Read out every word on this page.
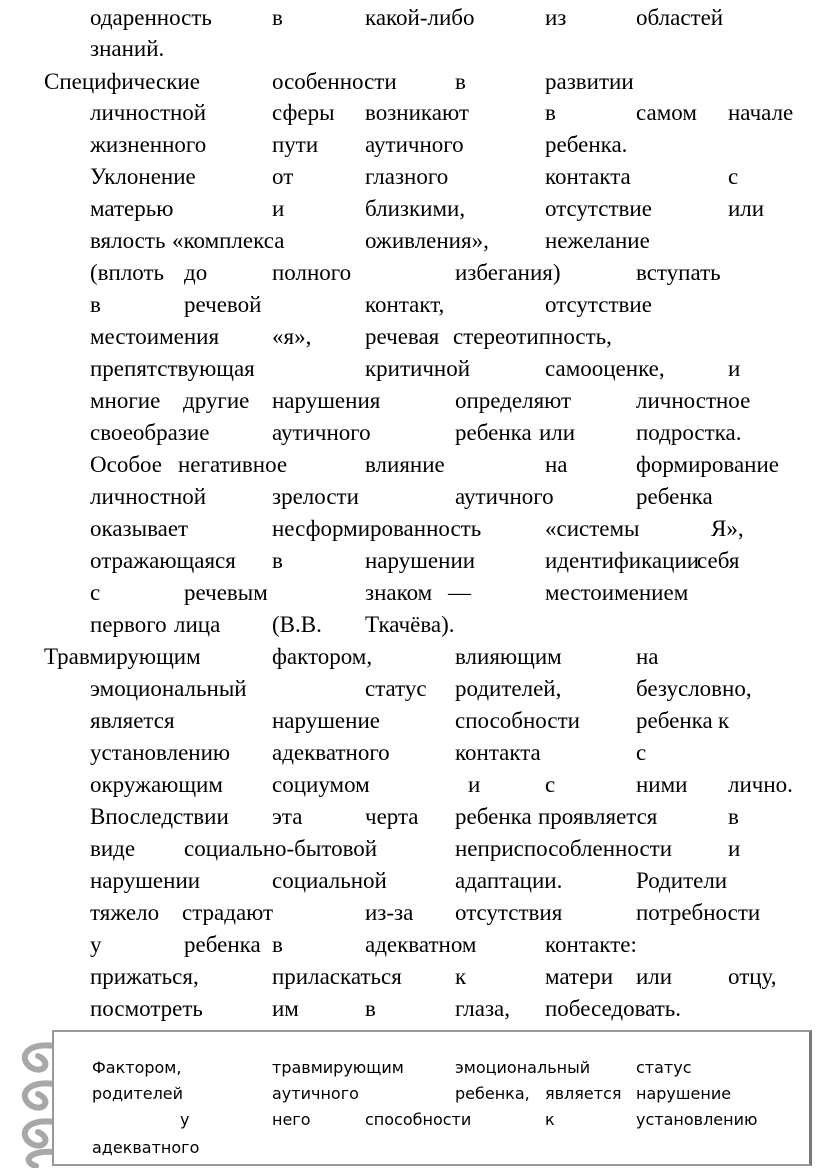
одаренность	в	какой-либо	из	областей
знаний.
Специфические	особенности	в	развитии
личностной	сферы возникают	в	самом начале
жизненного	пути аутичного	ребенка.
Уклонение	от	глазного	контакта	с
матерью	и	близкими,	отсутствие	или
вялость «комплекса	оживления», нежелание
(вплоть до	полного	избегания)	вступать
в	речевой	контакт,	отсутствие
местоимения «я», речевая стереотипность,
препятствующая	критичной	самооценке,	и
многие другие нарушения	определяют	личностное
своеобразие	аутичного	ребенка или	подростка.
Особое негативное	влияние	на	формирование
личностной	зрелости	аутичного	ребенка
оказывает	несформированность	«системы	Я»,
отражающаяся в	нарушении	идентификации
себя
с	речевым	знаком —	местоимением
первого лица (В.В. Ткачёва).
Травмирующим	фактором,	влияющим	на
эмоциональный	статус родителей,	безусловно,
является	нарушение	способности ребенка к
установлению адекватного	контакта	с
окружающим социумом	и	с	ними лично.
Впоследствии эта	черта ребенка проявляется	в
виде социально-бытовой	неприспособленности и
нарушении	социальной	адаптации.	Родители
тяжело страдают	из-за отсутствия	потребности
у	ребенка в	адекватном	контакте:
прижаться,	приласкаться к	матери или отцу,
посмотреть	им	в	глаза, побеседовать.
Фактором,	травмирующим	эмоциональный	статус
родителей	аутичного	ребенка, является нарушение
у	него	способности	к	установлению
адекватного
